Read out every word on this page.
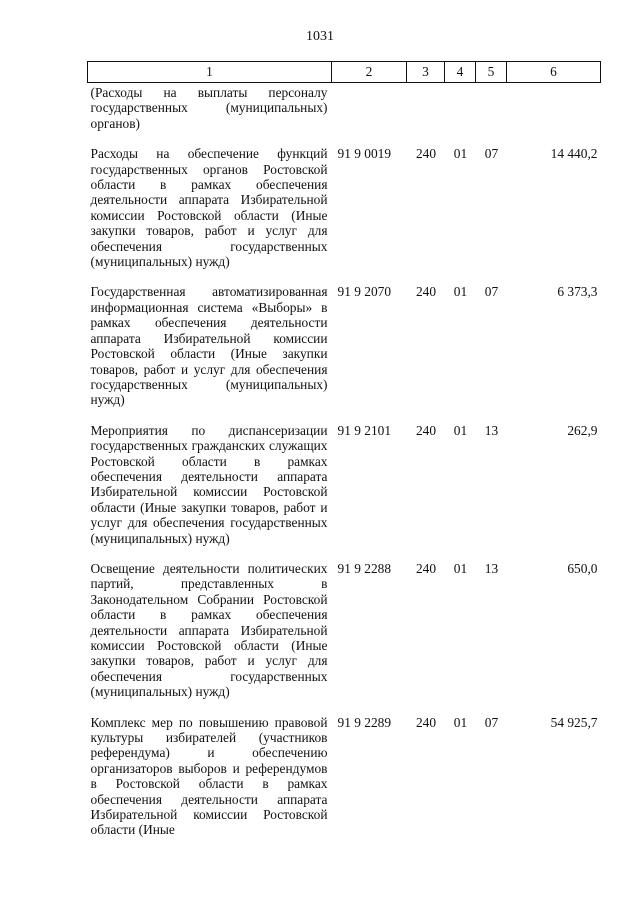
1031
1	2	3	4	5	6
(Расходы на выплаты персоналу государственных (муниципальных) органов)					
Расходы на обеспечение функций государственных органов Ростовской области в рамках обеспечения деятельности аппарата Избирательной комиссии Ростовской области (Иные закупки товаров, работ и услуг для обеспечения государственных (муниципальных) нужд)	91 9 0019	240	01	07	14 440,2
Государственная автоматизированная информационная система «Выборы» в рамках обеспечения деятельности аппарата Избирательной комиссии Ростовской области (Иные закупки товаров, работ и услуг для обеспечения государственных (муниципальных) нужд)	91 9 2070	240	01	07	6 373,3
Мероприятия по диспансеризации государственных гражданских служащих Ростовской области в рамках обеспечения деятельности аппарата Избирательной комиссии Ростовской области (Иные закупки товаров, работ и услуг для обеспечения государственных (муниципальных) нужд)	91 9 2101	240	01	13	262,9
Освещение деятельности политических партий, представленных в Законодательном Собрании Ростовской области в рамках обеспечения деятельности аппарата Избирательной комиссии Ростовской области (Иные закупки товаров, работ и услуг для обеспечения государственных (муниципальных) нужд)	91 9 2288	240	01	13	650,0
Комплекс мер по повышению правовой культуры избирателей (участников референдума) и обеспечению организаторов выборов и референдумов в Ростовской области в рамках обеспечения деятельности аппарата Избирательной комиссии Ростовской области (Иные	91 9 2289	240	01	07	54 925,7
